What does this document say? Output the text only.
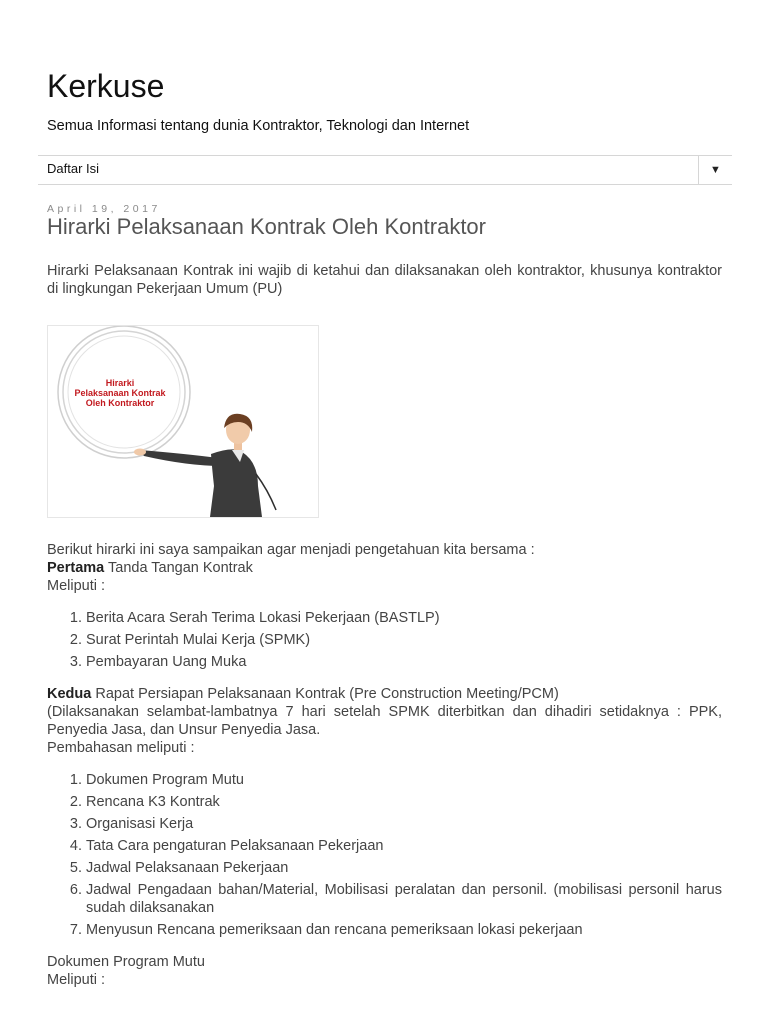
Kerkuse
Semua Informasi tentang dunia Kontraktor, Teknologi dan Internet
Daftar Isi	▼
April 19, 2017
Hirarki Pelaksanaan Kontrak Oleh Kontraktor

Hirarki Pelaksanaan Kontrak ini wajib di ketahui dan dilaksanakan oleh kontraktor, khusunya kontraktor di lingkungan Pekerjaan Umum (PU)

Hirarki
Pelaksanaan Kontrak
Oleh Kontraktor

Berikut hirarki ini saya sampaikan agar menjadi pengetahuan kita bersama :

Pertama Tanda Tangan Kontrak

Meliputi :

1. Berita Acara Serah Terima Lokasi Pekerjaan (BASTLP)
2. Surat Perintah Mulai Kerja (SPMK)
3. Pembayaran Uang Muka

Kedua Rapat Persiapan Pelaksanaan Kontrak (Pre Construction Meeting/PCM)

(Dilaksanakan selambat-lambatnya 7 hari setelah SPMK diterbitkan dan dihadiri setidaknya : PPK, Penyedia Jasa, dan Unsur Penyedia Jasa.

Pembahasan meliputi :

1. Dokumen Program Mutu
2. Rencana K3 Kontrak
3. Organisasi Kerja
4. Tata Cara pengaturan Pelaksanaan Pekerjaan
5. Jadwal Pelaksanaan Pekerjaan
6. Jadwal Pengadaan bahan/Material, Mobilisasi peralatan dan personil. (mobilisasi personil harus sudah dilaksanakan
7. Menyusun Rencana pemeriksaan dan rencana pemeriksaan lokasi pekerjaan

Dokumen Program Mutu

Meliputi :
